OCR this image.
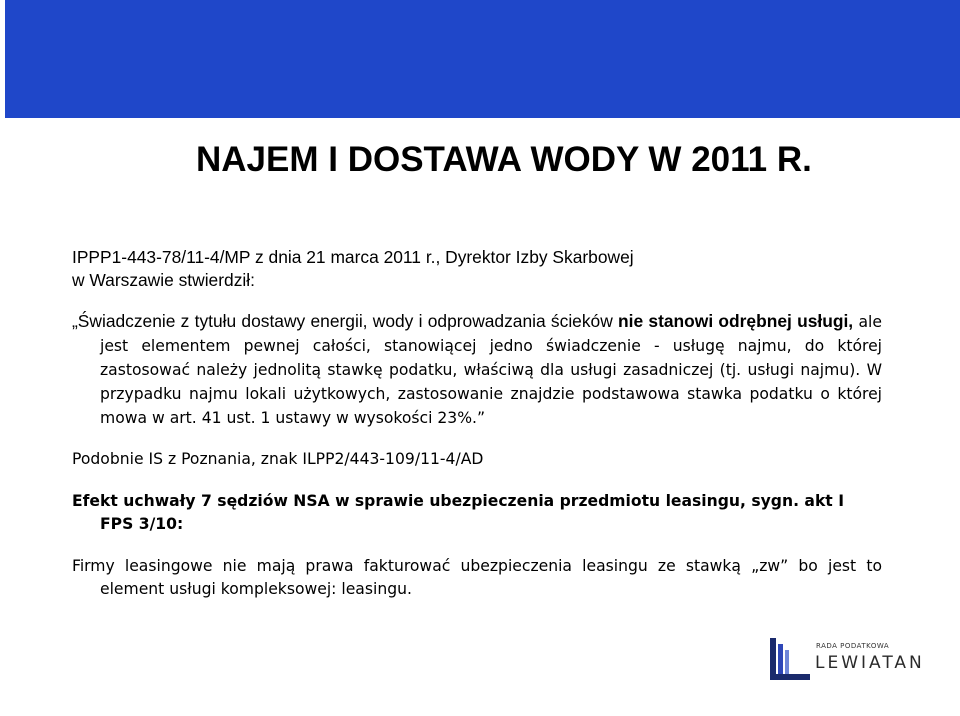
NAJEM I DOSTAWA WODY W 2011 R.
IPPP1-443-78/11-4/MP z dnia 21 marca 2011 r., Dyrektor Izby Skarbowej
w Warszawie stwierdził:
„Świadczenie z tytułu dostawy energii, wody i odprowadzania ścieków nie stanowi odrębnej usługi, ale jest elementem pewnej całości, stanowiącej jedno świadczenie - usługę najmu, do której zastosować należy jednolitą stawkę podatku, właściwą dla usługi zasadniczej (tj. usługi najmu). W przypadku najmu lokali użytkowych, zastosowanie znajdzie podstawowa stawka podatku o której mowa w art. 41 ust. 1 ustawy w wysokości 23%.”
Podobnie IS z Poznania, znak ILPP2/443-109/11-4/AD
Efekt uchwały 7 sędziów NSA w sprawie ubezpieczenia przedmiotu leasingu, sygn. akt I FPS 3/10:
Firmy leasingowe nie mają prawa fakturować ubezpieczenia leasingu ze stawką „zw” bo jest to element usługi kompleksowej: leasingu.
RADA PODATKOWA
LEWIATAN
